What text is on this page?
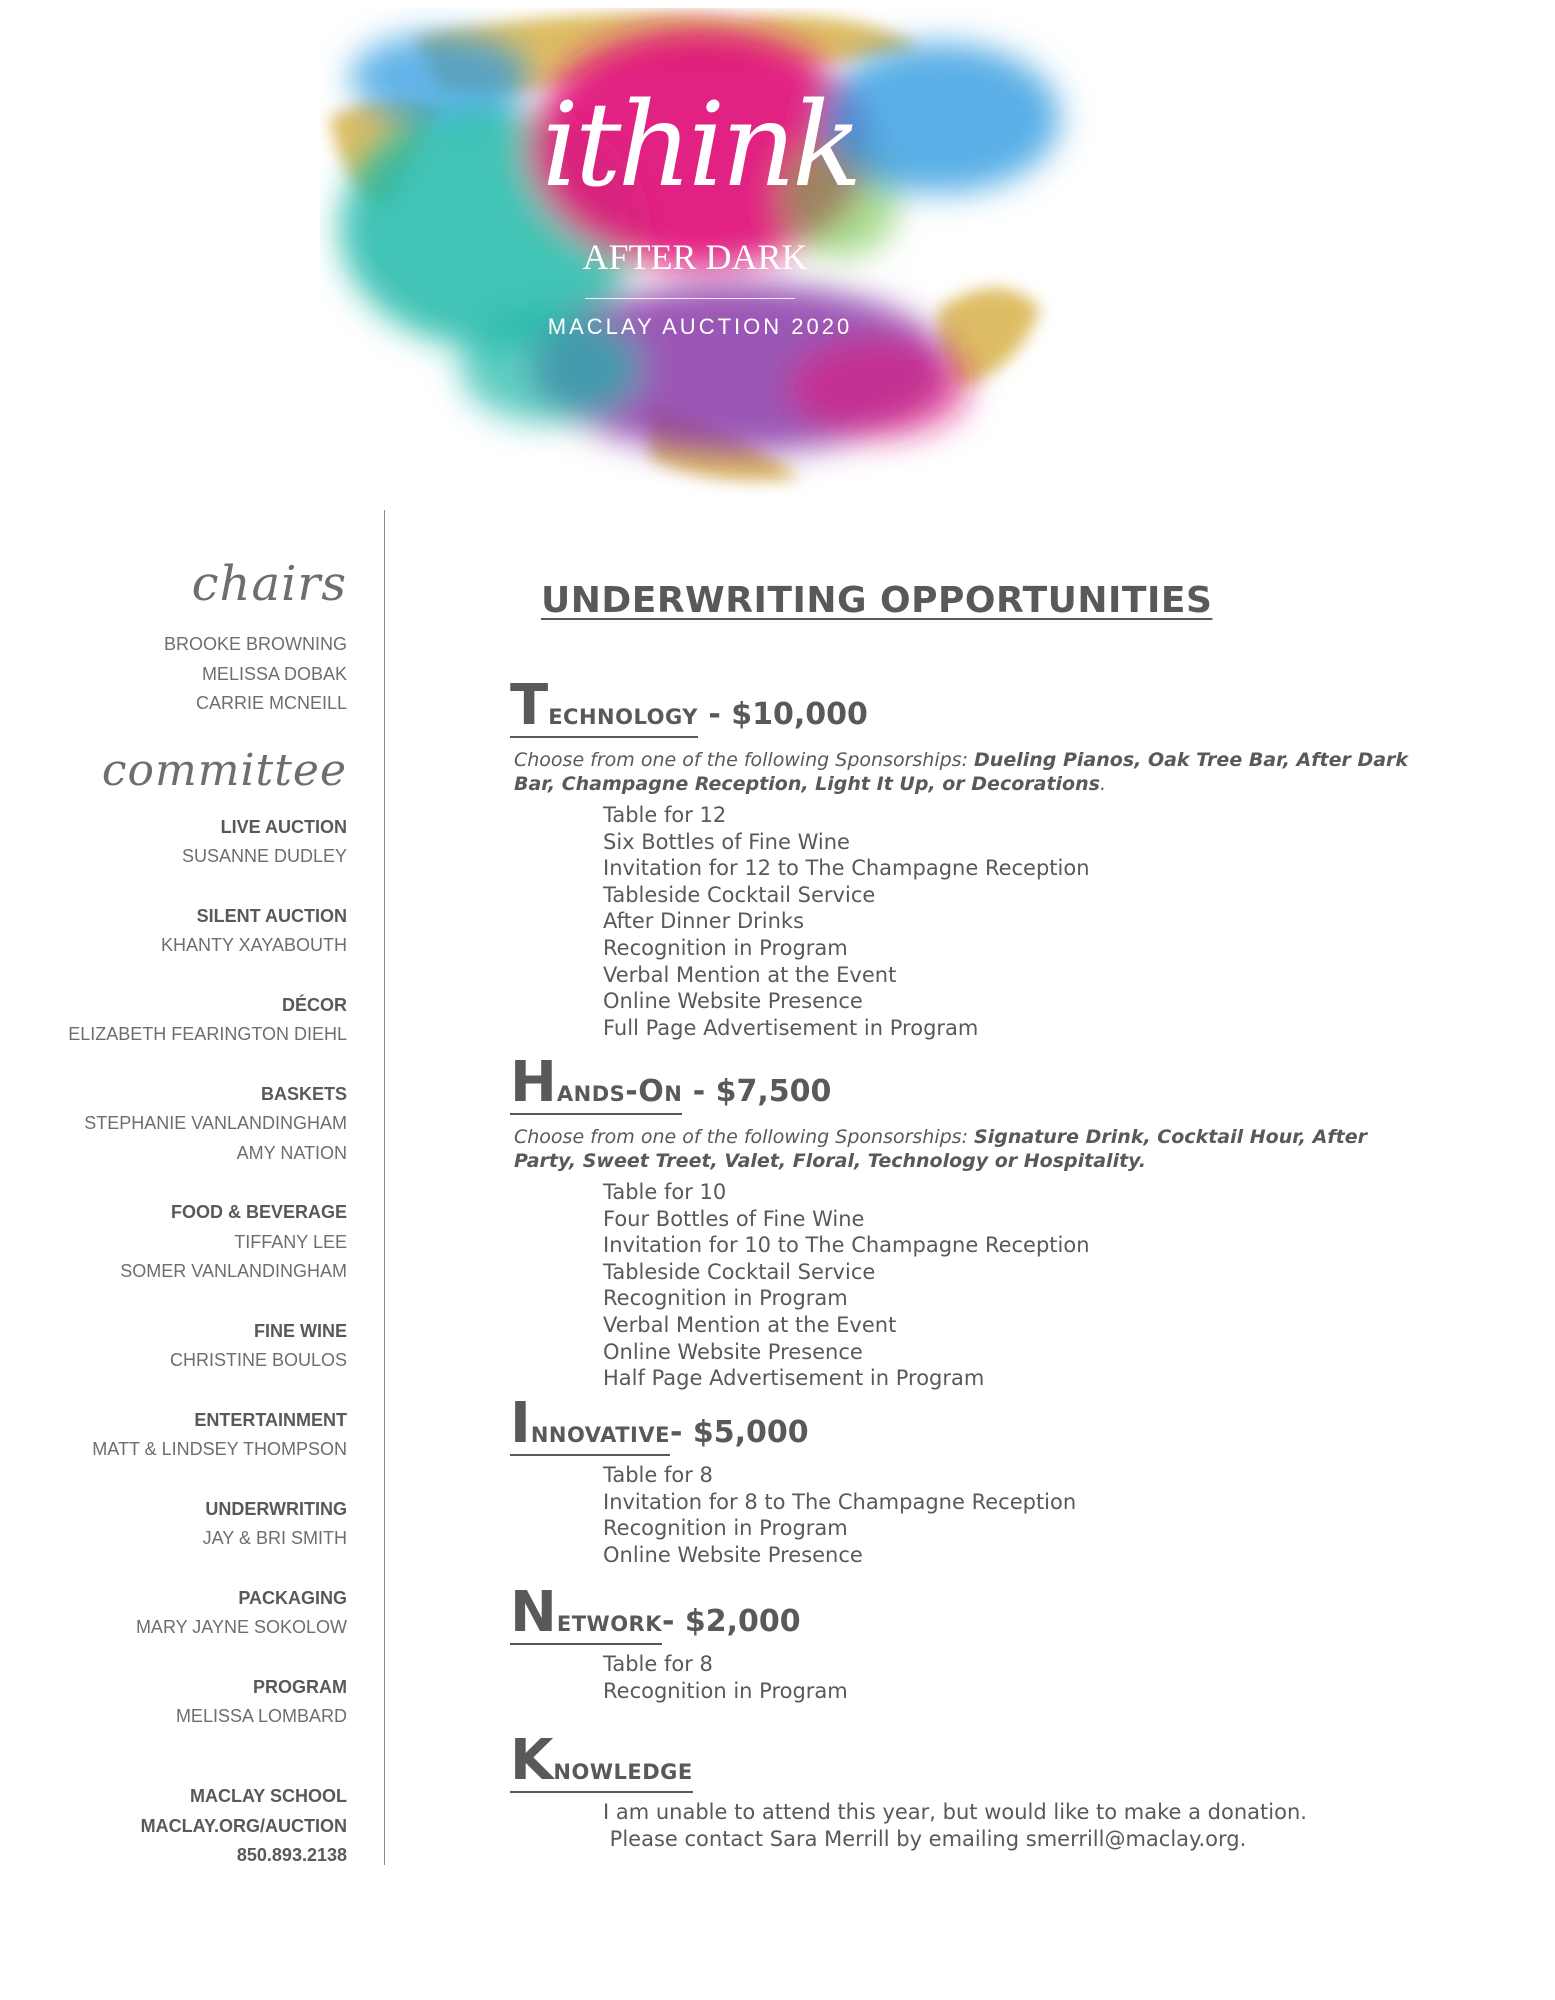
ithink
AFTER DARK
MACLAY AUCTION 2020
chairs
BROOKE BROWNING
MELISSA DOBAK
CARRIE MCNEILL
committee
LIVE AUCTION
SUSANNE DUDLEY
SILENT AUCTION
KHANTY XAYABOUTH
DÉCOR
ELIZABETH FEARINGTON DIEHL
BASKETS
STEPHANIE VANLANDINGHAM
AMY NATION
FOOD & BEVERAGE
TIFFANY LEE
SOMER VANLANDINGHAM
FINE WINE
CHRISTINE BOULOS
ENTERTAINMENT
MATT & LINDSEY THOMPSON
UNDERWRITING
JAY & BRI SMITH
PACKAGING
MARY JAYNE SOKOLOW
PROGRAM
MELISSA LOMBARD
MACLAY SCHOOL
MACLAY.ORG/AUCTION
850.893.2138
UNDERWRITING OPPORTUNITIES
Technology - $10,000
Choose from one of the following Sponsorships: Dueling Pianos, Oak Tree Bar, After Dark Bar, Champagne Reception, Light It Up, or Decorations.
Table for 12
Six Bottles of Fine Wine
Invitation for 12 to The Champagne Reception
Tableside Cocktail Service
After Dinner Drinks
Recognition in Program
Verbal Mention at the Event
Online Website Presence
Full Page Advertisement in Program
Hands-On - $7,500
Choose from one of the following Sponsorships: Signature Drink, Cocktail Hour, After Party, Sweet Treet, Valet, Floral, Technology or Hospitality.
Table for 10
Four Bottles of Fine Wine
Invitation for 10 to The Champagne Reception
Tableside Cocktail Service
Recognition in Program
Verbal Mention at the Event
Online Website Presence
Half Page Advertisement in Program
Innovative- $5,000
Table for 8
Invitation for 8 to The Champagne Reception
Recognition in Program
Online Website Presence
Network- $2,000
Table for 8
Recognition in Program
Knowledge
I am unable to attend this year, but would like to make a donation.
Please contact Sara Merrill by emailing smerrill@maclay.org.
